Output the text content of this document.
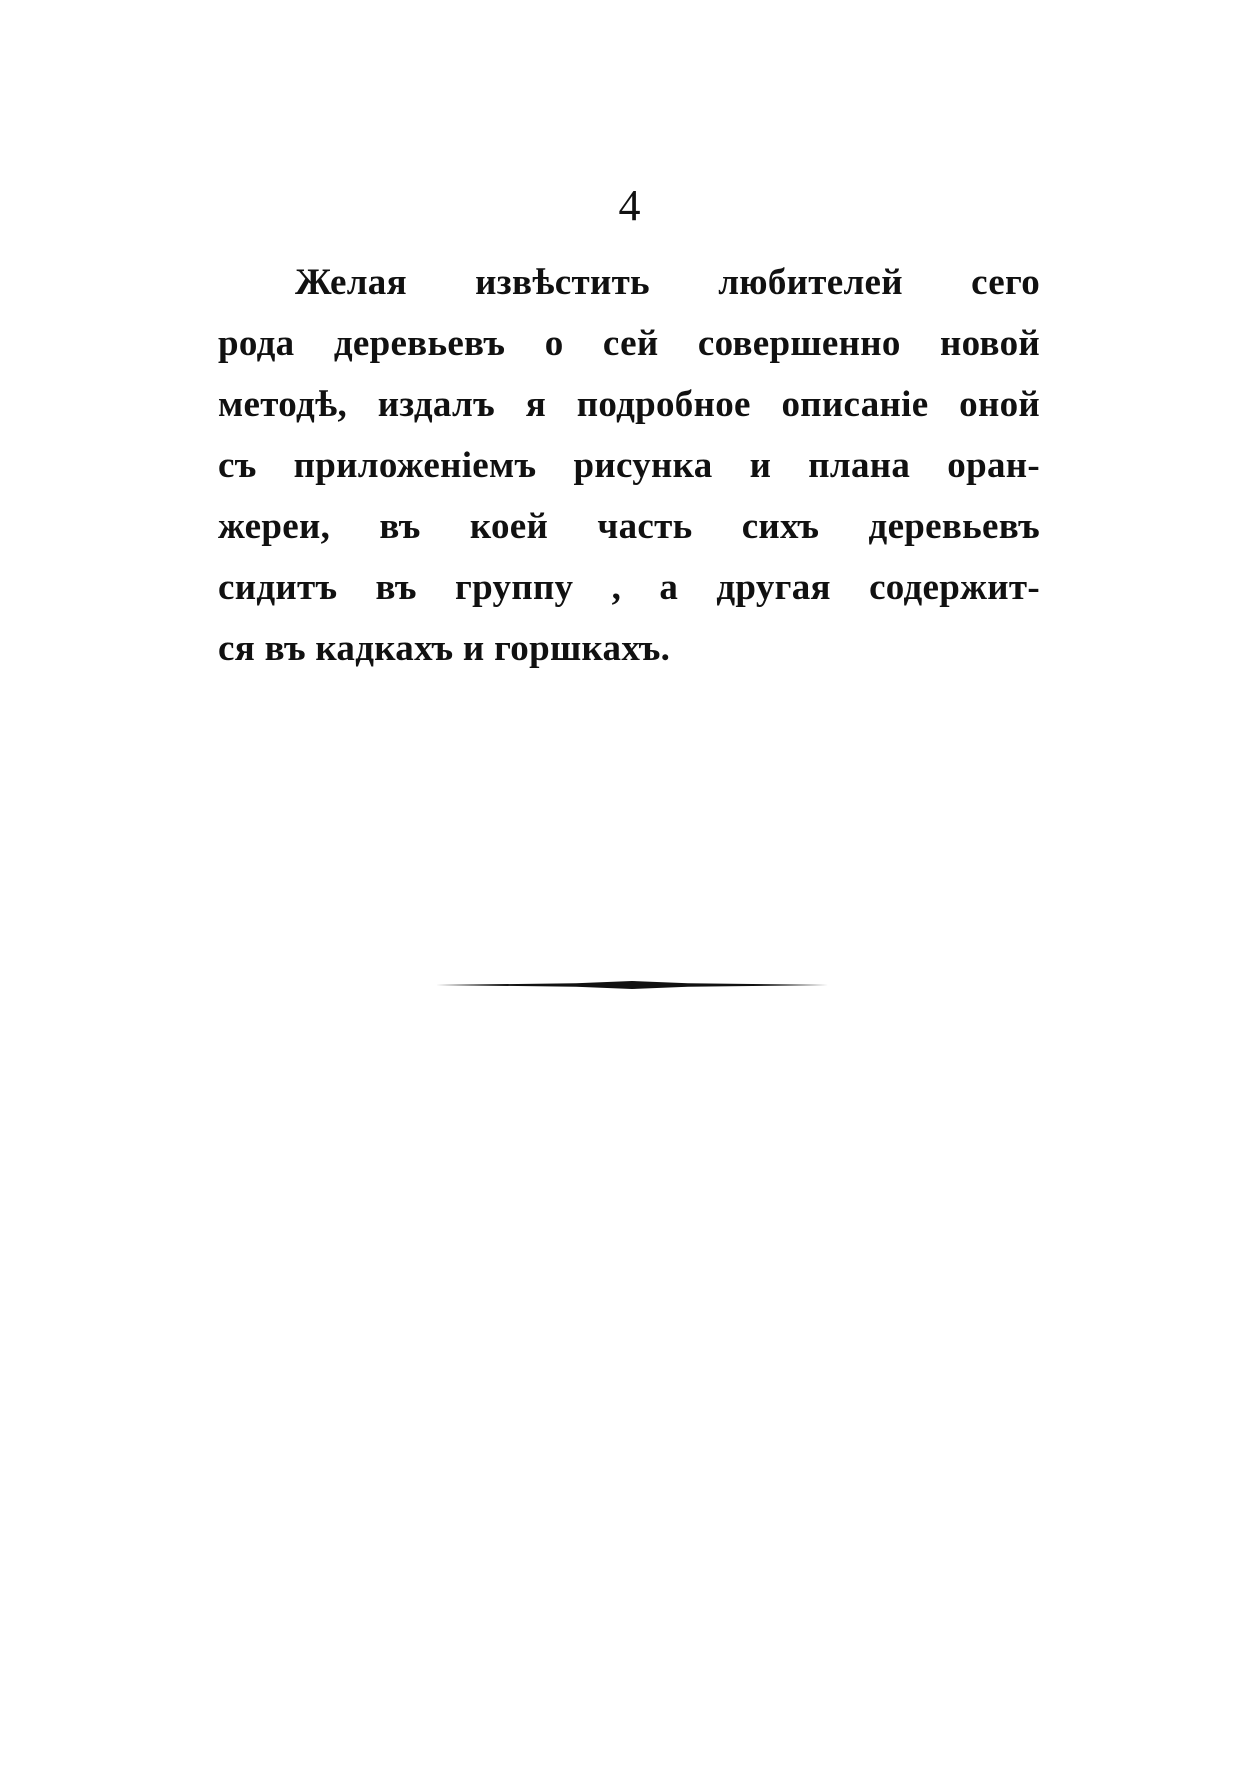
4
Желая извѣстить любителей сего
рода деревьевъ о сей совершенно новой
методѣ, издалъ я подробное описаніе оной
съ приложеніемъ рисунка и плана оран-
жереи, въ коей часть сихъ деревьевъ
сидитъ въ группу , а другая содержит-
ся въ кадкахъ и горшкахъ.
